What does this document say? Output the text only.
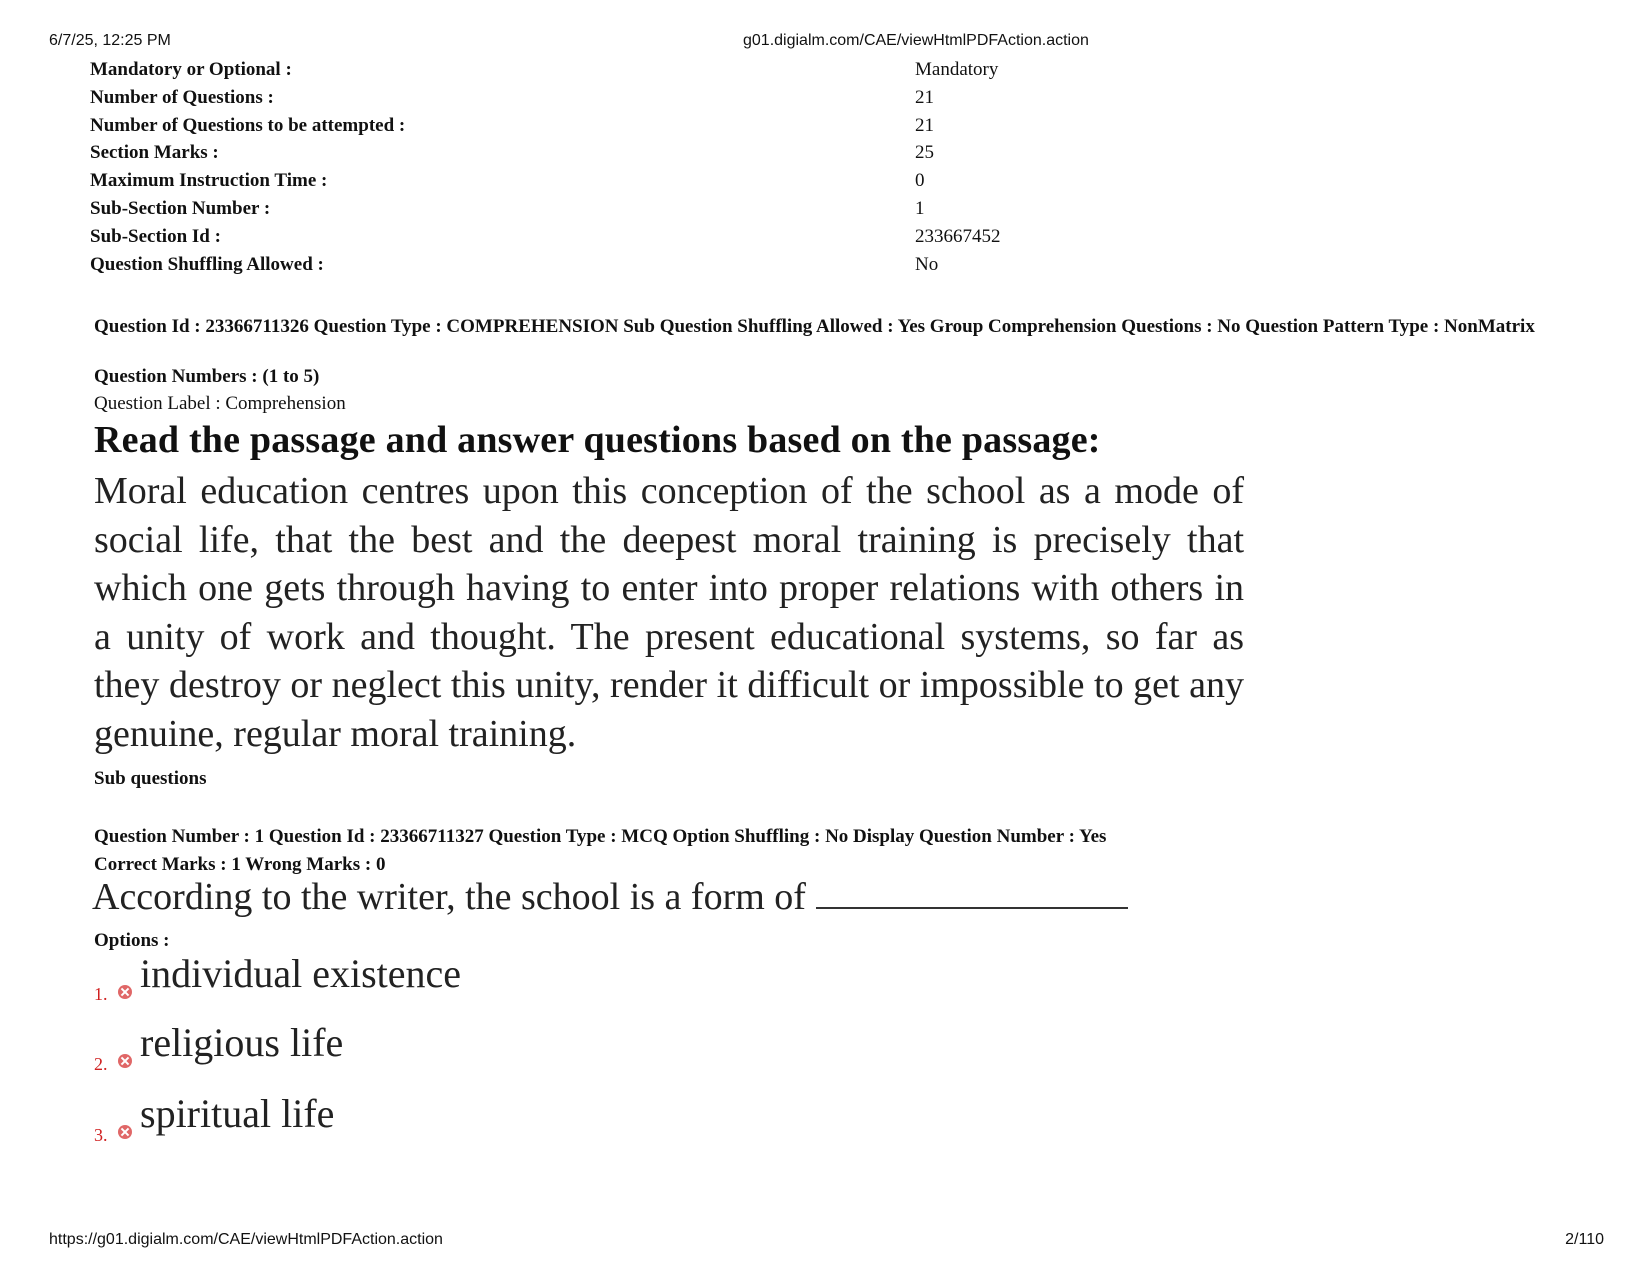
6/7/25, 12:25 PM	g01.digialm.com/CAE/viewHtmlPDFAction.action
Mandatory or Optional :	Mandatory
Number of Questions :	21
Number of Questions to be attempted :	21
Section Marks :	25
Maximum Instruction Time :	0
Sub-Section Number :	1
Sub-Section Id :	233667452
Question Shuffling Allowed :	No
Question Id : 23366711326 Question Type : COMPREHENSION Sub Question Shuffling Allowed : Yes Group Comprehension Questions : No Question Pattern Type : NonMatrix
Question Numbers : (1 to 5)
Question Label : Comprehension
Read the passage and answer questions based on the passage:
Moral education centres upon this conception of the school as a mode of social life, that the best and the deepest moral training is precisely that which one gets through having to enter into proper relations with others in a unity of work and thought. The present educational systems, so far as they destroy or neglect this unity, render it difficult or impossible to get any genuine, regular moral training.
Sub questions
Question Number : 1 Question Id : 23366711327 Question Type : MCQ Option Shuffling : No Display Question Number : Yes
Correct Marks : 1 Wrong Marks : 0
According to the writer, the school is a form of
Options :
1. individual existence
2. religious life
3. spiritual life
https://g01.digialm.com/CAE/viewHtmlPDFAction.action	2/110
